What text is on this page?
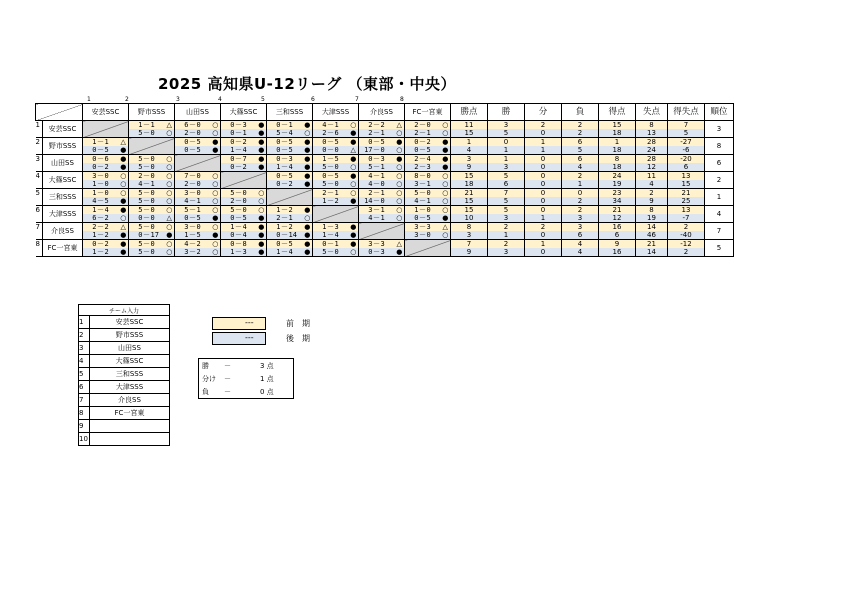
2025 高知県U-12リーグ （東部・中央）
1	2	3	4	5	6	7	8
		安芸SSC				野市SSS				山田SS				大篠SSC				三和SSS				大津SSS				介良SS				FC一宮東				勝点	勝	分	負	得点	失点	得失点	順位
1	安芸SSC					1	－	1	△	6	－	0	○	0	－	3	●	0	－	1	●	4	－	1	○	2	－	2	△	2	－	0	○	11	3	2	2	15	8	7	3
						5	－	0	○	2	－	0	○	0	－	1	●	5	－	4	○	2	－	6	●	2	－	1	○	2	－	1	○	15	5	0	2	18	13	5	
2	野市SSS	1	－	1	△					0	－	5	●	0	－	2	●	0	－	5	●	0	－	5	●	0	－	5	●	0	－	2	●	1	0	1	6	1	28	-27	8
		0	－	5	●					0	－	5	●	1	－	4	●	0	－	5	●	0	－	0	△	17	－	0	○	0	－	5	●	4	1	1	5	18	24	-6	
3	山田SS	0	－	6	●	5	－	0	○					0	－	7	●	0	－	3	●	1	－	5	●	0	－	3	●	2	－	4	●	3	1	0	6	8	28	-20	6
		0	－	2	●	5	－	0	○					0	－	2	●	1	－	4	●	5	－	0	○	5	－	1	○	2	－	3	●	9	3	0	4	18	12	6	
4	大篠SSC	3	－	0	○	2	－	0	○	7	－	0	○					0	－	5	●	0	－	5	●	4	－	1	○	8	－	0	○	15	5	0	2	24	11	13	2
		1	－	0	○	4	－	1	○	2	－	0	○					0	－	2	●	5	－	0	○	4	－	0	○	3	－	1	○	18	6	0	1	19	4	15	
5	三和SSS	1	－	0	○	5	－	0	○	3	－	0	○	5	－	0	○					2	－	1	○	2	－	1	○	5	－	0	○	21	7	0	0	23	2	21	1
		4	－	5	●	5	－	0	○	4	－	1	○	2	－	0	○					1	－	2	●	14	－	0	○	4	－	1	○	15	5	0	2	34	9	25	
6	大津SSS	1	－	4	●	5	－	0	○	5	－	1	○	5	－	0	○	1	－	2	●					3	－	1	○	1	－	0	○	15	5	0	2	21	8	13	4
		6	－	2	○	0	－	0	△	0	－	5	●	0	－	5	●	2	－	1	○					4	－	1	○	0	－	5	●	10	3	1	3	12	19	-7	
7	介良SS	2	－	2	△	5	－	0	○	3	－	0	○	1	－	4	●	1	－	2	●	1	－	3	●					3	－	3	△	8	2	2	3	16	14	2	7
		1	－	2	●	0	－	17	●	1	－	5	●	0	－	4	●	0	－	14	●	1	－	4	●					3	－	0	○	3	1	0	6	6	46	-40	
8	FC一宮東	0	－	2	●	5	－	0	○	4	－	2	○	0	－	8	●	0	－	5	●	0	－	1	●	3	－	3	△					7	2	1	4	9	21	-12	5
		1	－	2	●	5	－	0	○	3	－	2	○	1	－	3	●	1	－	4	●	5	－	0	○	0	－	3	●					9	3	0	4	16	14	2	
チーム入力	
1	安芸SSC
2	野市SSS
3	山田SS
4	大篠SSC
5	三和SSS
6	大津SSS
7	介良SS
8	FC一宮東
9	
10	
---	前　期
---	後　期
勝	－	3 点
分け	－	1 点
負	－	0 点
